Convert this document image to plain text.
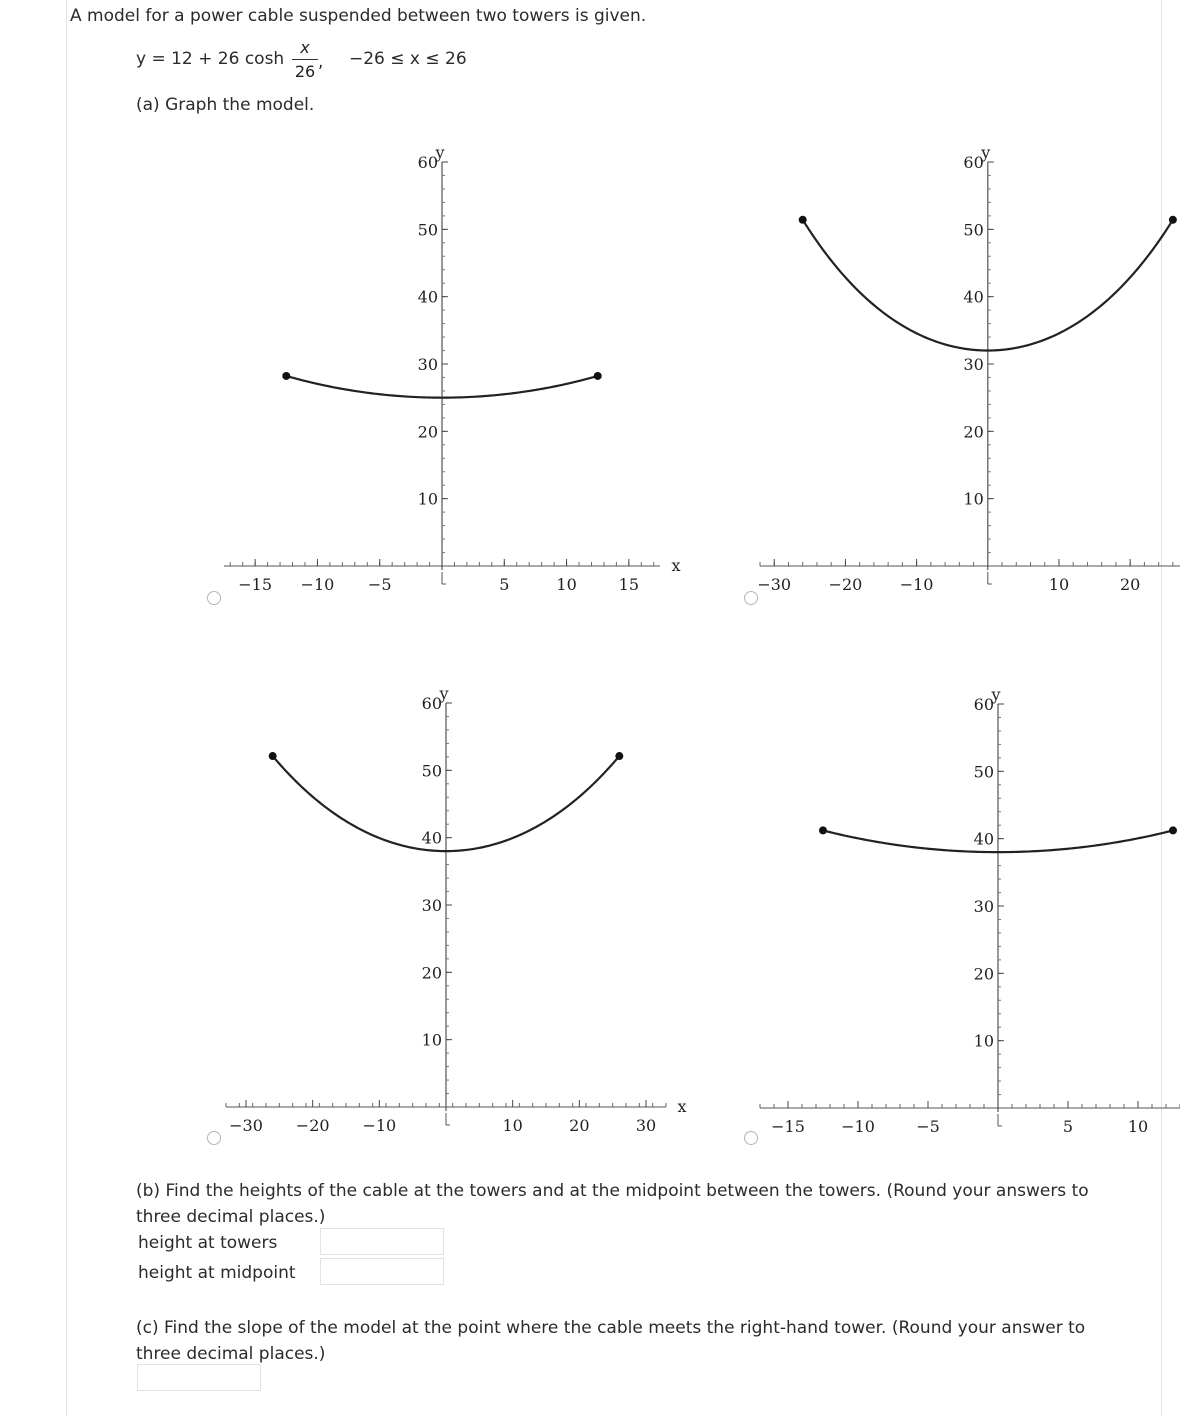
A model for a power cable suspended between two towers is given.
y = 12 + 26 cosh
x
26 , −26 ≤ x ≤ 26
(a) Graph the model.
10
20
30
40
50
60
−15 −10 −5	5	10	15
y
x
10
20
30
40
50
60
−30 −20 −10	10	20
y
10
20
30
40
50
60
−30 −20 −10	10	20	30
y
x
10
20
30
40
50
60
−15 −10	−5	5	10
y
(b) Find the heights of the cable at the towers and at the midpoint between the towers. (Round your answers to three decimal places.)
height at towers
height at midpoint
(c) Find the slope of the model at the point where the cable meets the right-hand tower. (Round your answer to three decimal places.)
